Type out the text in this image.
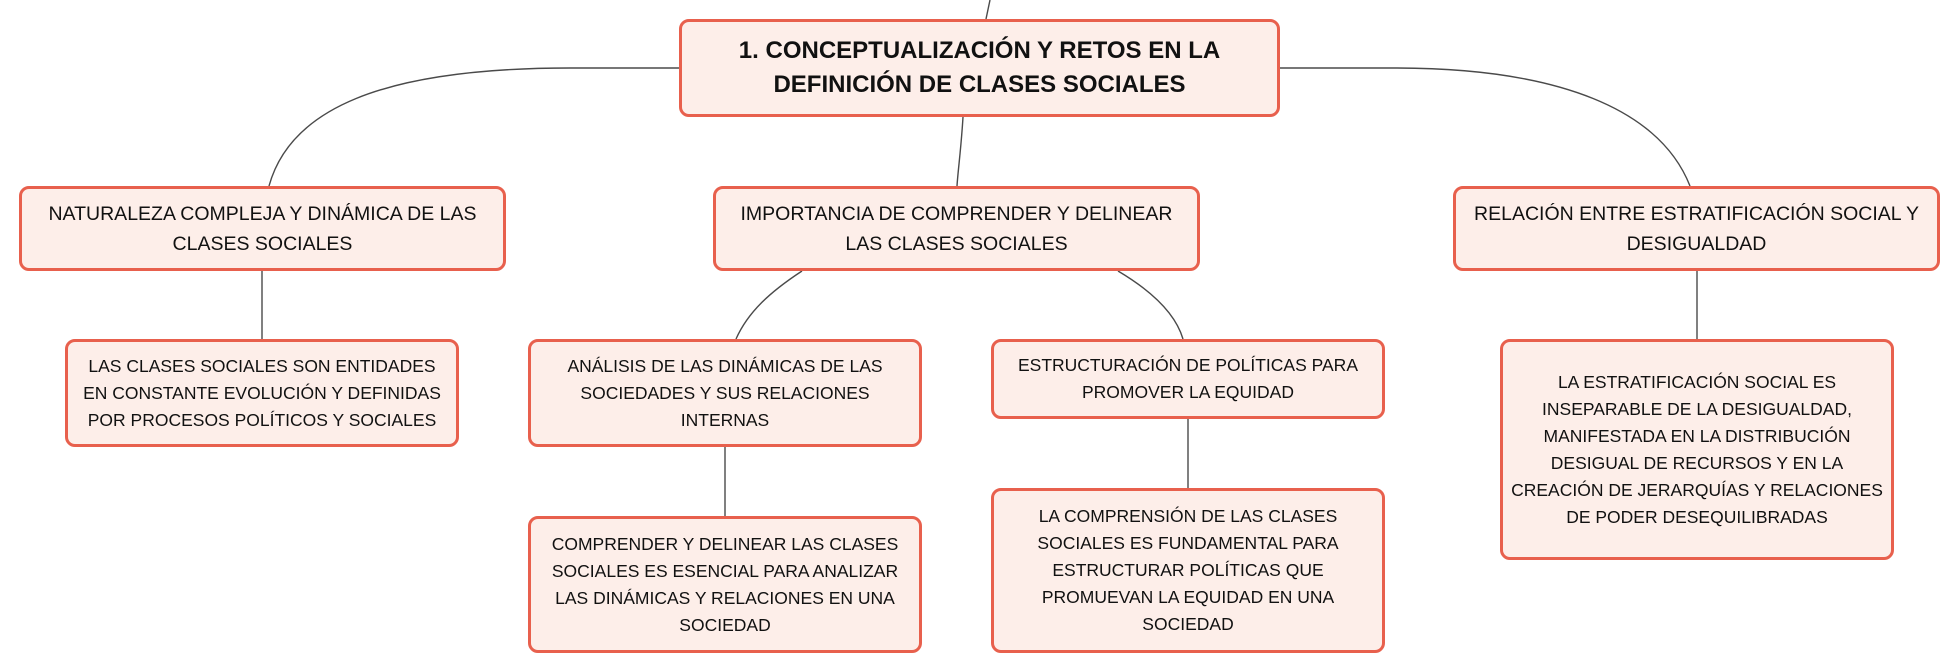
1. CONCEPTUALIZACIÓN Y RETOS EN LA DEFINICIÓN DE CLASES SOCIALES
NATURALEZA COMPLEJA Y DINÁMICA DE LAS CLASES SOCIALES
IMPORTANCIA DE COMPRENDER Y DELINEAR LAS CLASES SOCIALES
RELACIÓN ENTRE ESTRATIFICACIÓN SOCIAL Y DESIGUALDAD
LAS CLASES SOCIALES SON ENTIDADES EN CONSTANTE EVOLUCIÓN Y DEFINIDAS POR PROCESOS POLÍTICOS Y SOCIALES
ANÁLISIS DE LAS DINÁMICAS DE LAS SOCIEDADES Y SUS RELACIONES INTERNAS
ESTRUCTURACIÓN DE POLÍTICAS PARA PROMOVER LA EQUIDAD
LA ESTRATIFICACIÓN SOCIAL ES INSEPARABLE DE LA DESIGUALDAD, MANIFESTADA EN LA DISTRIBUCIÓN DESIGUAL DE RECURSOS Y EN LA CREACIÓN DE JERARQUÍAS Y RELACIONES DE PODER DESEQUILIBRADAS
COMPRENDER Y DELINEAR LAS CLASES SOCIALES ES ESENCIAL PARA ANALIZAR LAS DINÁMICAS Y RELACIONES EN UNA SOCIEDAD
LA COMPRENSIÓN DE LAS CLASES SOCIALES ES FUNDAMENTAL PARA ESTRUCTURAR POLÍTICAS QUE PROMUEVAN LA EQUIDAD EN UNA SOCIEDAD
